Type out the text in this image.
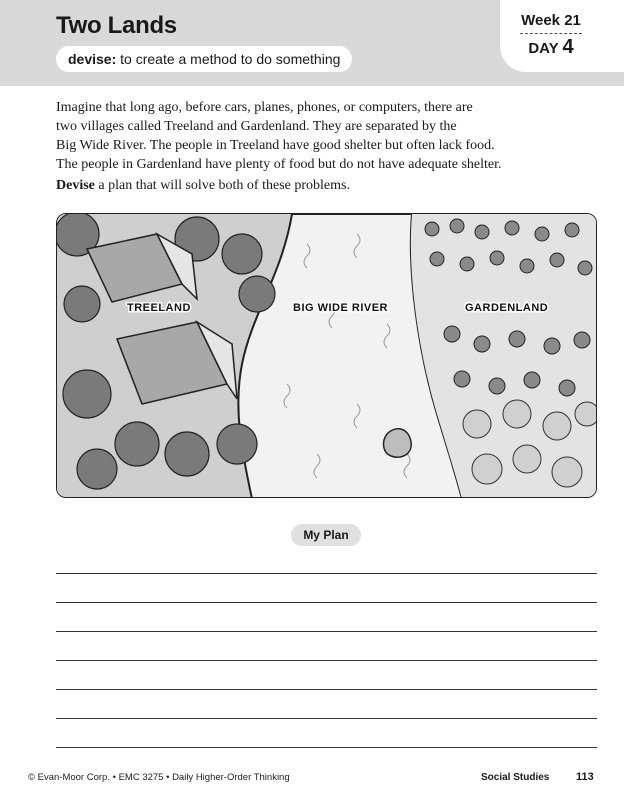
Two Lands
devise:
to create a method to do something
Week 21
DAY 4
Imagine that long ago, before cars, planes, phones, or computers, there are
two villages called Treeland and Gardenland. They are separated by the
Big Wide River. The people in Treeland have good shelter but often lack food.
The people in Gardenland have plenty of food but do not have adequate shelter.
Devise a plan that will solve both of these problems.
TREELAND	BIG WIDE RIVER	GARDENLAND
My Plan
© Evan-Moor Corp. • EMC 3275 • Daily Higher-Order Thinking	Social Studies 113
